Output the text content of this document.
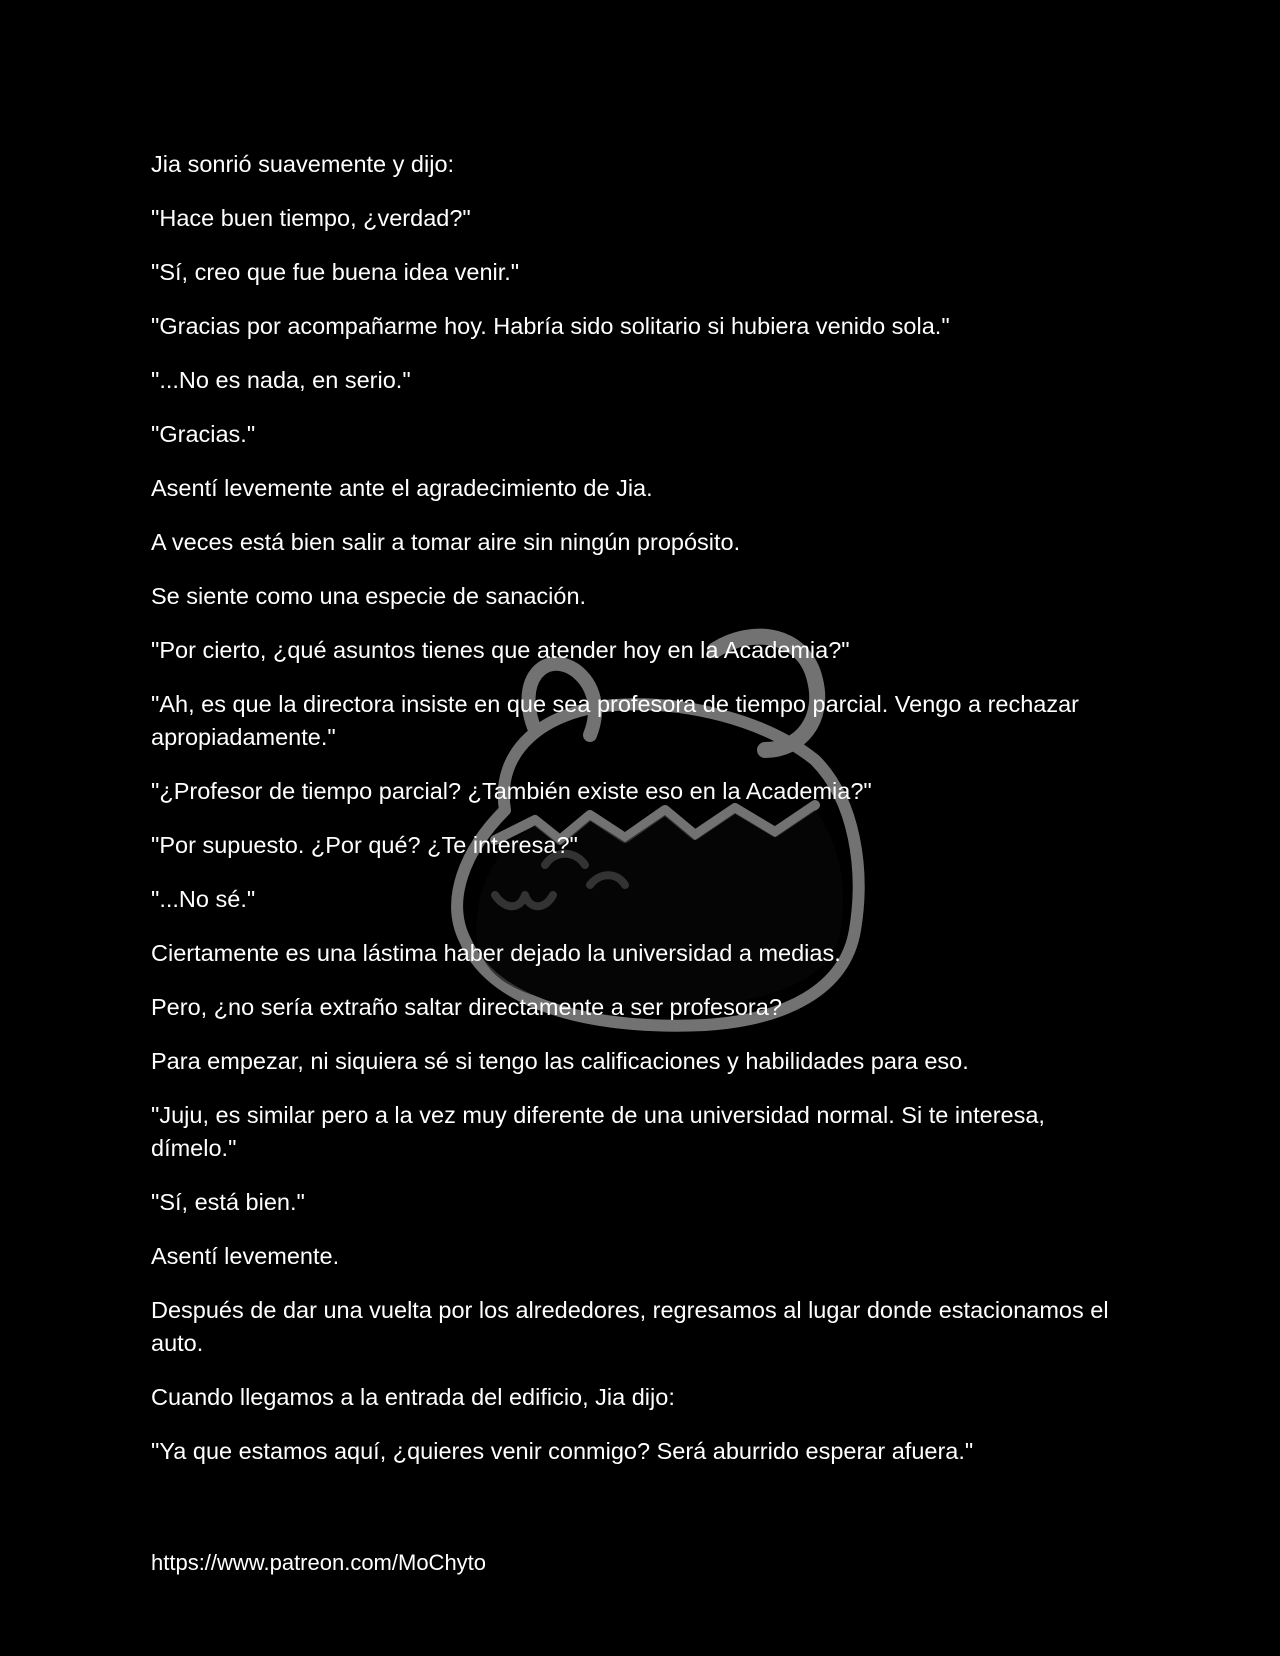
Jia sonrió suavemente y dijo:

"Hace buen tiempo, ¿verdad?"

"Sí, creo que fue buena idea venir."

"Gracias por acompañarme hoy. Habría sido solitario si hubiera venido sola."

"...No es nada, en serio."

"Gracias."

Asentí levemente ante el agradecimiento de Jia.

A veces está bien salir a tomar aire sin ningún propósito.

Se siente como una especie de sanación.

"Por cierto, ¿qué asuntos tienes que atender hoy en la Academia?"

"Ah, es que la directora insiste en que sea profesora de tiempo parcial. Vengo a rechazar apropiadamente."

"¿Profesor de tiempo parcial? ¿También existe eso en la Academia?"

"Por supuesto. ¿Por qué? ¿Te interesa?"

"...No sé."

Ciertamente es una lástima haber dejado la universidad a medias.

Pero, ¿no sería extraño saltar directamente a ser profesora?

Para empezar, ni siquiera sé si tengo las calificaciones y habilidades para eso.

"Juju, es similar pero a la vez muy diferente de una universidad normal. Si te interesa, dímelo."

"Sí, está bien."

Asentí levemente.

Después de dar una vuelta por los alrededores, regresamos al lugar donde estacionamos el auto.

Cuando llegamos a la entrada del edificio, Jia dijo:

"Ya que estamos aquí, ¿quieres venir conmigo? Será aburrido esperar afuera."

https://www.patreon.com/MoChyto
